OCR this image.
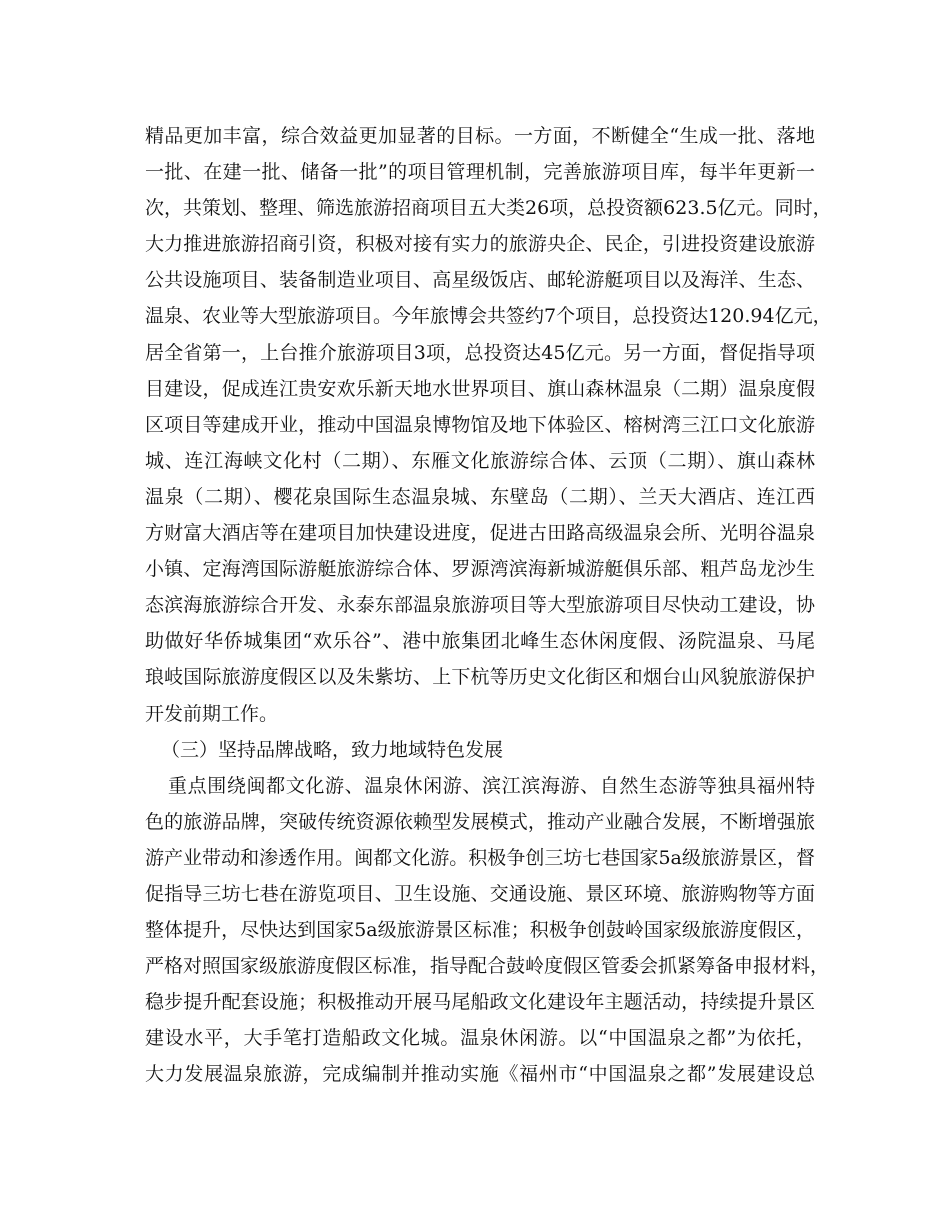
精品更加丰富，综合效益更加显著的目标。一方面，不断健全“生成一批、落地
一批、在建一批、储备一批”的项目管理机制，完善旅游项目库，每半年更新一
次，共策划、整理、筛选旅游招商项目五大类26项，总投资额623.5亿元。同时，
大力推进旅游招商引资，积极对接有实力的旅游央企、民企，引进投资建设旅游
公共设施项目、装备制造业项目、高星级饭店、邮轮游艇项目以及海洋、生态、
温泉、农业等大型旅游项目。今年旅博会共签约7个项目，总投资达120.94亿元，
居全省第一，上台推介旅游项目3项，总投资达45亿元。另一方面，督促指导项
目建设，促成连江贵安欢乐新天地水世界项目、旗山森林温泉（二期）温泉度假
区项目等建成开业，推动中国温泉博物馆及地下体验区、榕树湾三江口文化旅游
城、连江海峡文化村（二期）、东雁文化旅游综合体、云顶（二期）、旗山森林
温泉（二期）、樱花泉国际生态温泉城、东壁岛（二期）、兰天大酒店、连江西
方财富大酒店等在建项目加快建设进度，促进古田路高级温泉会所、光明谷温泉
小镇、定海湾国际游艇旅游综合体、罗源湾滨海新城游艇俱乐部、粗芦岛龙沙生
态滨海旅游综合开发、永泰东部温泉旅游项目等大型旅游项目尽快动工建设，协
助做好华侨城集团“欢乐谷”、港中旅集团北峰生态休闲度假、汤院温泉、马尾
琅岐国际旅游度假区以及朱紫坊、上下杭等历史文化街区和烟台山风貌旅游保护
开发前期工作。
（三）坚持品牌战略，致力地域特色发展
重点围绕闽都文化游、温泉休闲游、滨江滨海游、自然生态游等独具福州特
色的旅游品牌，突破传统资源依赖型发展模式，推动产业融合发展，不断增强旅
游产业带动和渗透作用。闽都文化游。积极争创三坊七巷国家5a级旅游景区，督
促指导三坊七巷在游览项目、卫生设施、交通设施、景区环境、旅游购物等方面
整体提升，尽快达到国家5a级旅游景区标准；积极争创鼓岭国家级旅游度假区，
严格对照国家级旅游度假区标准，指导配合鼓岭度假区管委会抓紧筹备申报材料，
稳步提升配套设施；积极推动开展马尾船政文化建设年主题活动，持续提升景区
建设水平，大手笔打造船政文化城。温泉休闲游。以“中国温泉之都”为依托，
大力发展温泉旅游，完成编制并推动实施《福州市“中国温泉之都”发展建设总
